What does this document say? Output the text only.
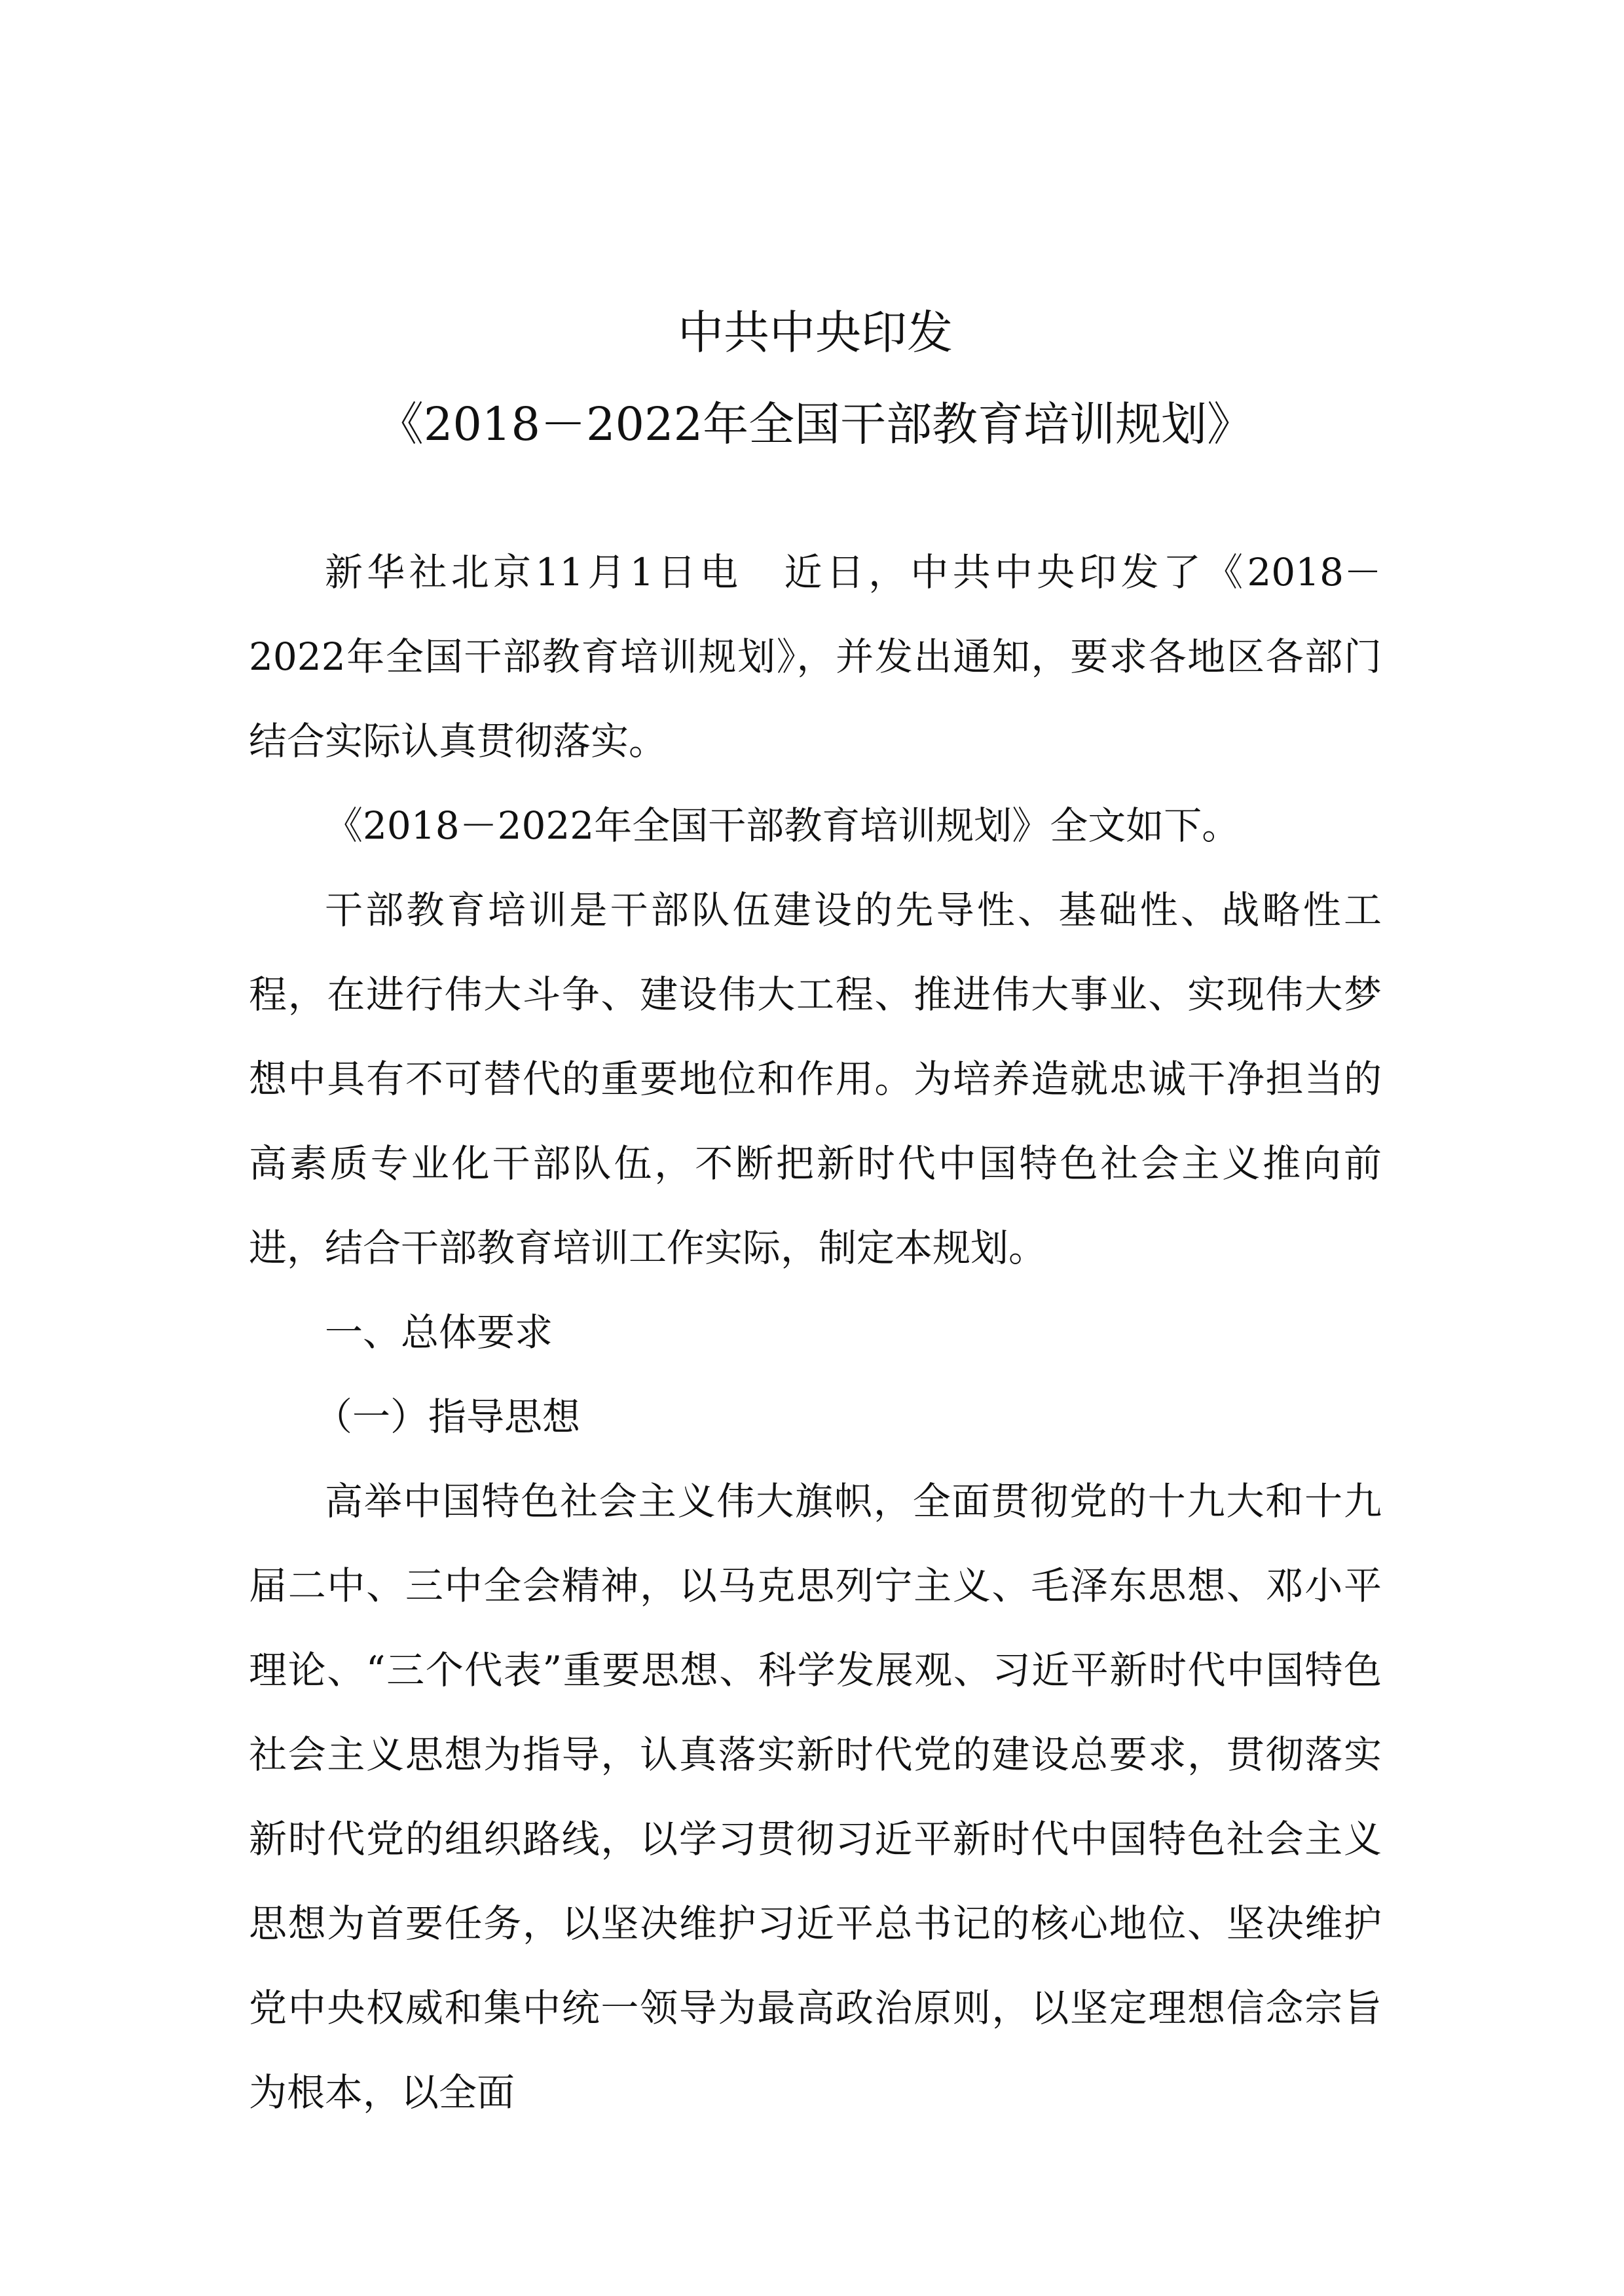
中共中央印发
《2018－2022年全国干部教育培训规划》

新华社北京11月1日电　近日，中共中央印发了《2018－2022年全国干部教育培训规划》，并发出通知，要求各地区各部门结合实际认真贯彻落实。

《2018－2022年全国干部教育培训规划》全文如下。

干部教育培训是干部队伍建设的先导性、基础性、战略性工程，在进行伟大斗争、建设伟大工程、推进伟大事业、实现伟大梦想中具有不可替代的重要地位和作用。为培养造就忠诚干净担当的高素质专业化干部队伍，不断把新时代中国特色社会主义推向前进，结合干部教育培训工作实际，制定本规划。

一、总体要求

（一）指导思想

高举中国特色社会主义伟大旗帜，全面贯彻党的十九大和十九届二中、三中全会精神，以马克思列宁主义、毛泽东思想、邓小平理论、“三个代表”重要思想、科学发展观、习近平新时代中国特色社会主义思想为指导，认真落实新时代党的建设总要求，贯彻落实新时代党的组织路线，以学习贯彻习近平新时代中国特色社会主义思想为首要任务，以坚决维护习近平总书记的核心地位、坚决维护党中央权威和集中统一领导为最高政治原则，以坚定理想信念宗旨为根本，以全面
